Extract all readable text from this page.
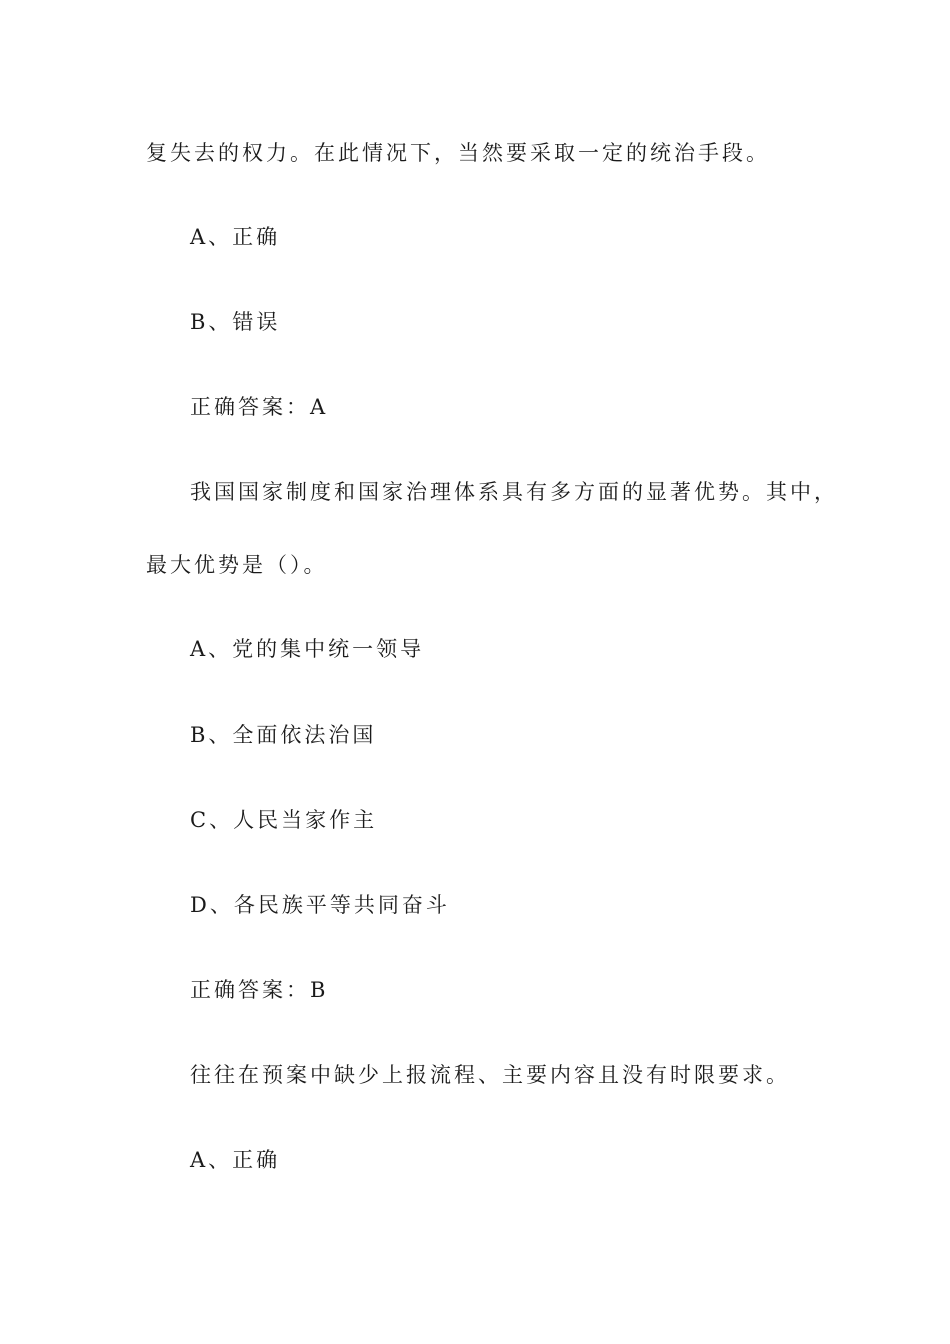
复失去的权力。在此情况下，当然要采取一定的统治手段。
A、正确
B、错误
正确答案：A
我国国家制度和国家治理体系具有多方面的显著优势。其中，
最大优势是（）。
A、党的集中统一领导
B、全面依法治国
C、人民当家作主
D、各民族平等共同奋斗
正确答案：B
往往在预案中缺少上报流程、主要内容且没有时限要求。
A、正确
